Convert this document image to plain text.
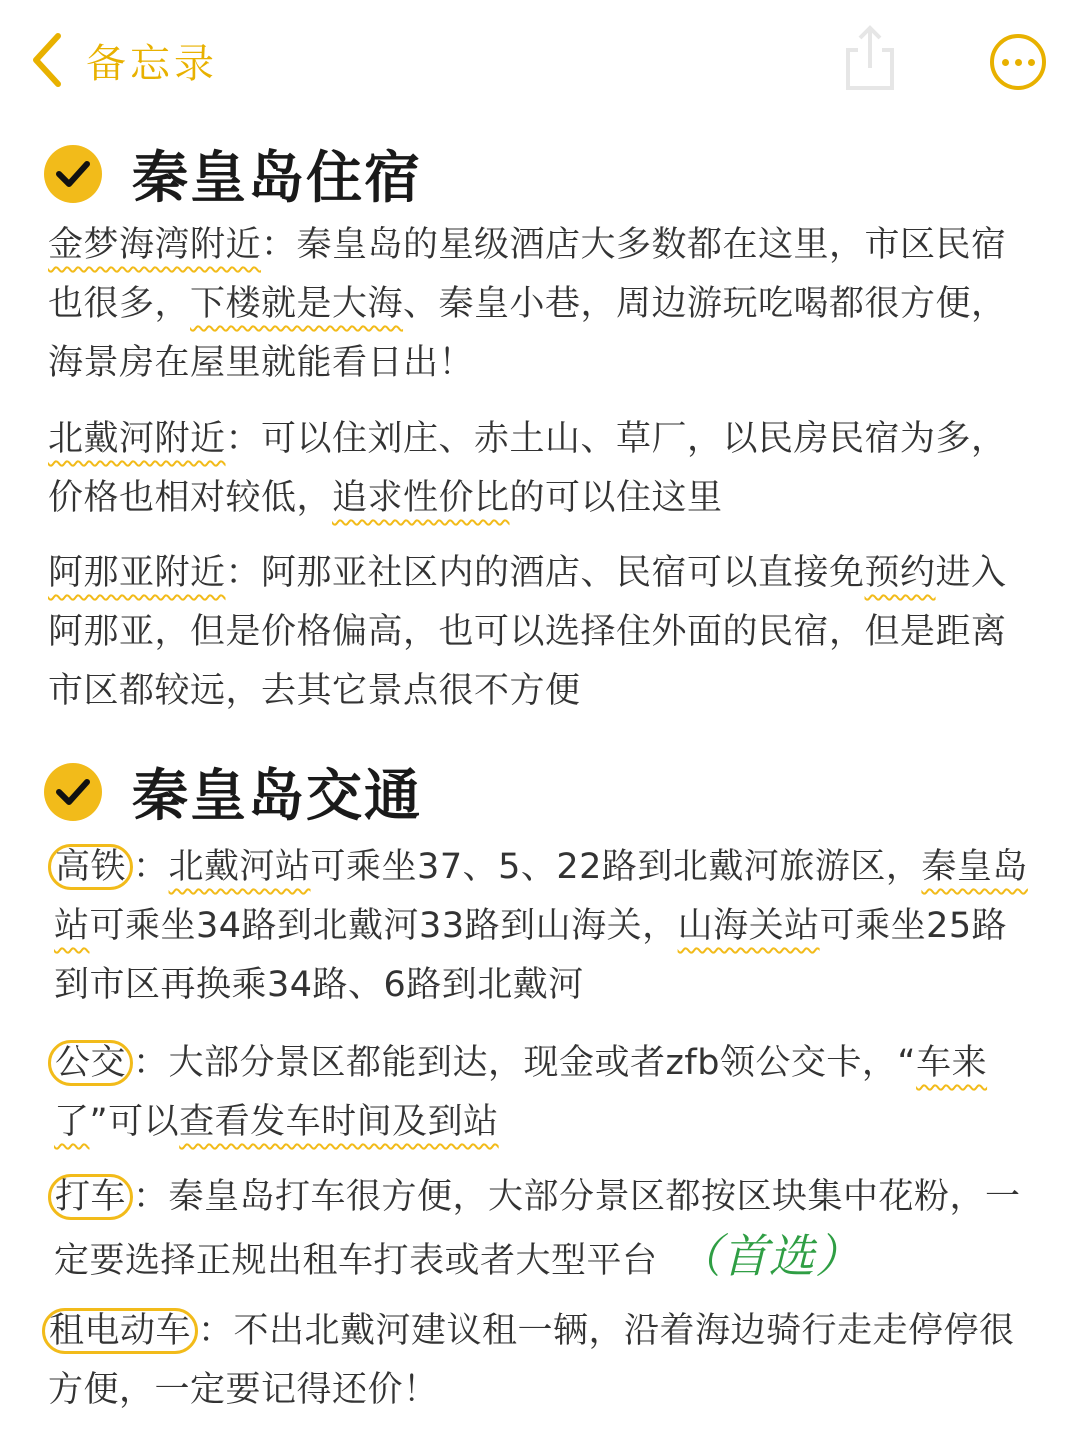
备忘录
秦皇岛住宿

金梦海湾附近：秦皇岛的星级酒店大多数都在这里，市区民宿也很多，下楼就是大海、秦皇小巷，周边游玩吃喝都很方便，海景房在屋里就能看日出！

北戴河附近：可以住刘庄、赤土山、草厂，以民房民宿为多，价格也相对较低，追求性价比的可以住这里

阿那亚附近：阿那亚社区内的酒店、民宿可以直接免预约进入阿那亚，但是价格偏高，也可以选择住外面的民宿，但是距离市区都较远，去其它景点很不方便

秦皇岛交通

高铁 ：北戴河站可乘坐37、5、22路到北戴河旅游区，秦皇岛站可乘坐34路到北戴河33路到山海关，山海关站可乘坐25路到市区再换乘34路、6路到北戴河

公交 ：大部分景区都能到达，现金或者zfb领公交卡，“车来了”可以查看发车时间及到站

打车 ：秦皇岛打车很方便，大部分景区都按区块集中花粉，一定要选择正规出租车打表或者大型平台 （首选）

租电动车 ：不出北戴河建议租一辆，沿着海边骑行走走停停很方便，一定要记得还价！
